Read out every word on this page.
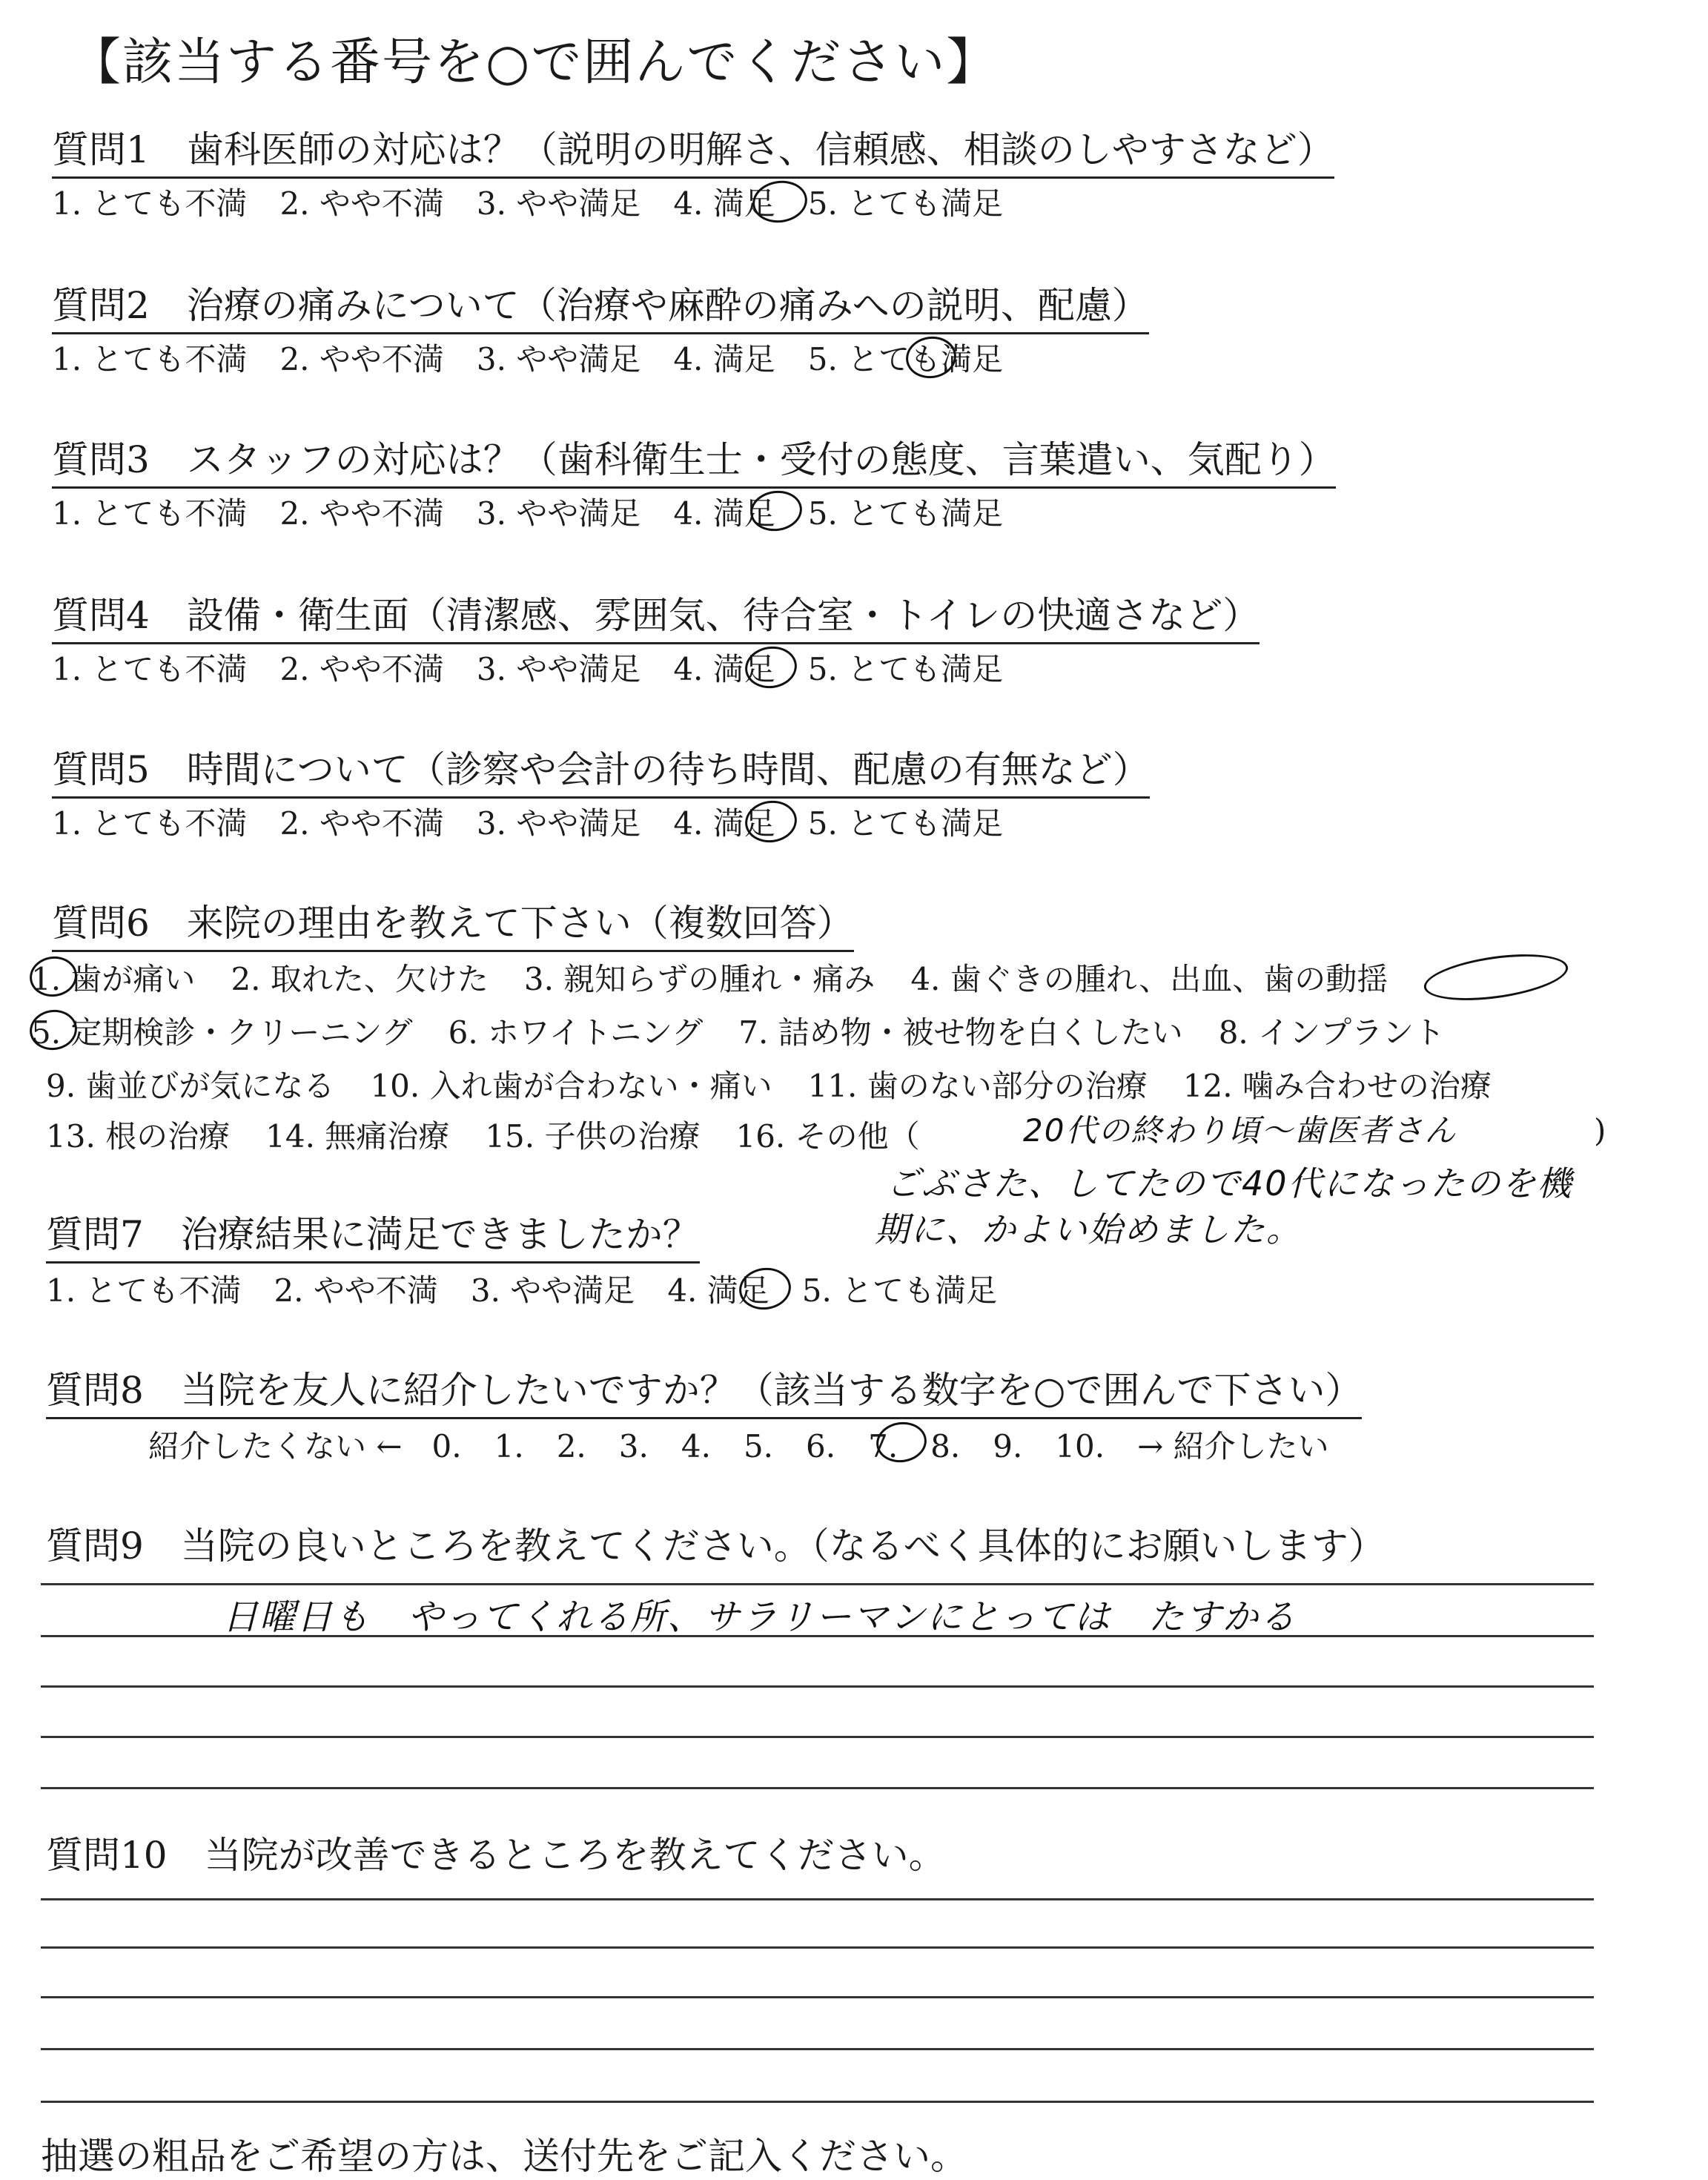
【該当する番号を○で囲んでください】
質問1　歯科医師の対応は？（説明の明解さ、信頼感、相談のしやすさなど）
1. とても不満 2. やや不満 3. やや満足 4. 満足 5. とても満足
質問2　治療の痛みについて（治療や麻酔の痛みへの説明、配慮）
1. とても不満 2. やや不満 3. やや満足 4. 満足 5. とても満足
質問3　スタッフの対応は？（歯科衛生士・受付の態度、言葉遣い、気配り）
1. とても不満 2. やや不満 3. やや満足 4. 満足 5. とても満足
質問4　設備・衛生面（清潔感、雰囲気、待合室・トイレの快適さなど）
1. とても不満 2. やや不満 3. やや満足 4. 満足 5. とても満足
質問5　時間について（診察や会計の待ち時間、配慮の有無など）
1. とても不満 2. やや不満 3. やや満足 4. 満足 5. とても満足
質問6　来院の理由を教えて下さい（複数回答）
1. 歯が痛い 2. 取れた、欠けた 3. 親知らずの腫れ・痛み 4. 歯ぐきの腫れ、出血、歯の動揺
5. 定期検診・クリーニング 6. ホワイトニング 7. 詰め物・被せ物を白くしたい 8. インプラント
9. 歯並びが気になる 10. 入れ歯が合わない・痛い 11. 歯のない部分の治療 12. 噛み合わせの治療
13. 根の治療 14. 無痛治療 15. 子供の治療 16. その他（	20代の終わり頃～歯医者さん	)
ごぶさた、してたので40代になったのを機
期に、かよい始めました。
質問7　治療結果に満足できましたか？
1. とても不満 2. やや不満 3. やや満足 4. 満足 5. とても満足
質問8　当院を友人に紹介したいですか？（該当する数字を○で囲んで下さい）
紹介したくない ← 0. 1. 2. 3. 4. 5. 6. 7. 8. 9. 10. → 紹介したい
質問9　当院の良いところを教えてください。（なるべく具体的にお願いします）
日曜日も　やってくれる所、サラリーマンにとっては　たすかる
質問10　当院が改善できるところを教えてください。
抽選の粗品をご希望の方は、送付先をご記入ください。
